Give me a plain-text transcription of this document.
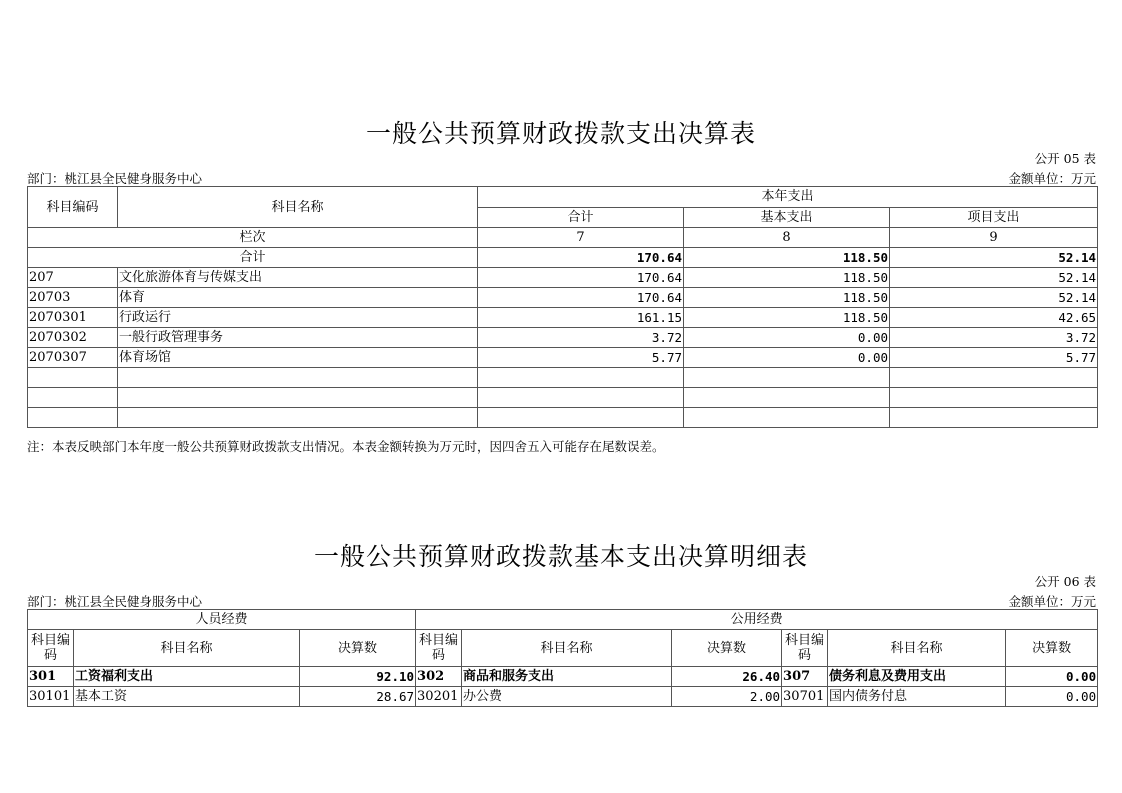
一般公共预算财政拨款支出决算表
公开 05 表
部门：桃江县全民健身服务中心	金额单位：万元
科目编码	科目名称	本年支出		
		合计	基本支出	项目支出
栏次		7	8	9
合计		170.64	118.50	52.14
207	文化旅游体育与传媒支出	170.64	118.50	52.14
20703	体育	170.64	118.50	52.14
2070301	行政运行	161.15	118.50	42.65
2070302	一般行政管理事务	3.72	0.00	3.72
2070307	体育场馆	5.77	0.00	5.77

注：本表反映部门本年度一般公共预算财政拨款支出情况。本表金额转换为万元时，因四舍五入可能存在尾数误差。
一般公共预算财政拨款基本支出决算明细表
公开 06 表
部门：桃江县全民健身服务中心	金额单位：万元
人员经费			公用经费					
科目编码	科目名称	决算数	科目编码	科目名称	决算数	科目编码	科目名称	决算数
301	工资福利支出	92.10	302	商品和服务支出	26.40	307	债务利息及费用支出	0.00
30101	基本工资	28.67	30201	办公费	2.00	30701	国内债务付息	0.00
